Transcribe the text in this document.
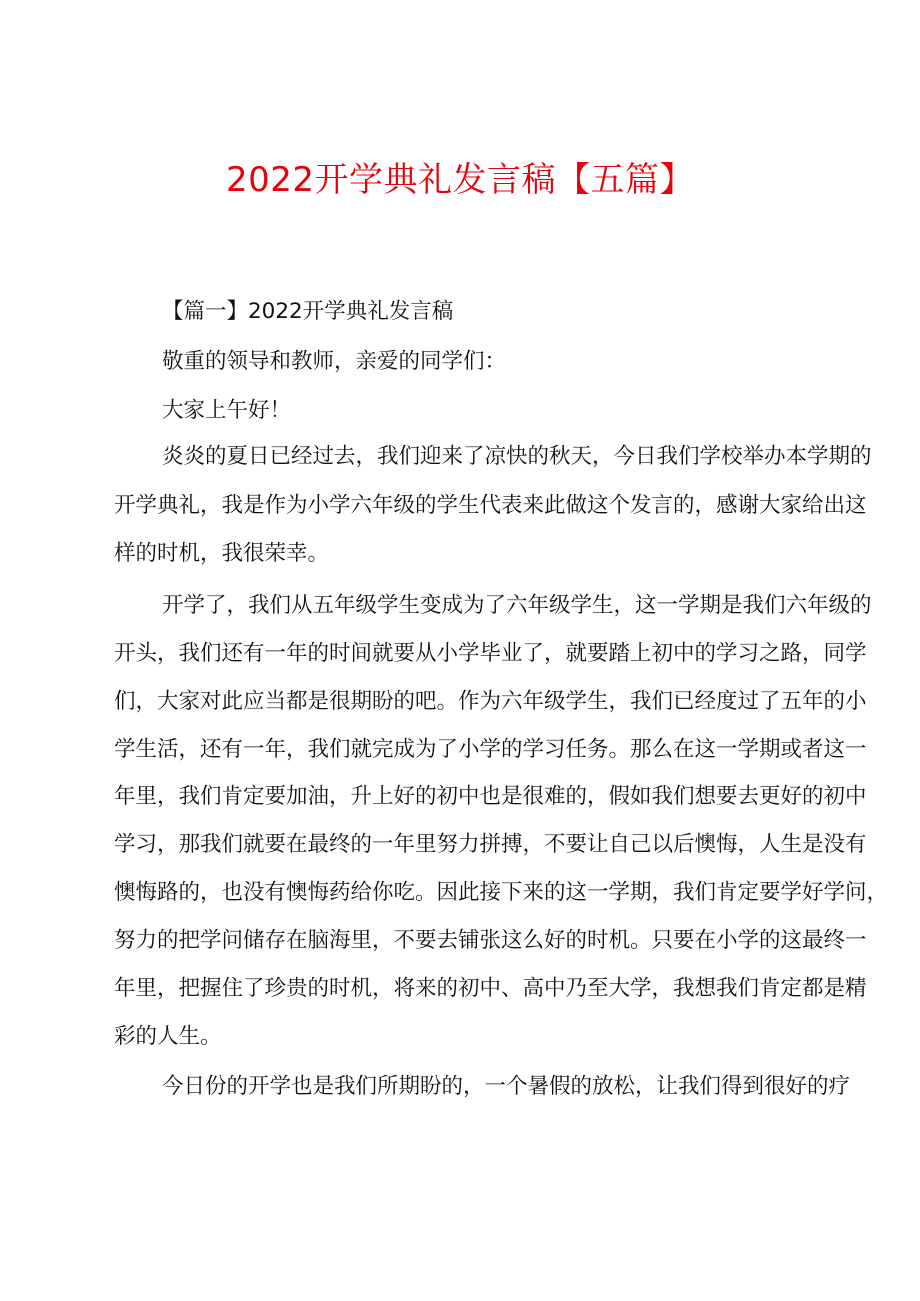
2022开学典礼发言稿【五篇】
【篇一】2022开学典礼发言稿
敬重的领导和教师，亲爱的同学们：
大家上午好！
炎炎的夏日已经过去，我们迎来了凉快的秋天，今日我们学校举办本学期的
开学典礼，我是作为小学六年级的学生代表来此做这个发言的，感谢大家给出这
样的时机，我很荣幸。
开学了，我们从五年级学生变成为了六年级学生，这一学期是我们六年级的
开头，我们还有一年的时间就要从小学毕业了，就要踏上初中的学习之路，同学
们，大家对此应当都是很期盼的吧。作为六年级学生，我们已经度过了五年的小
学生活，还有一年，我们就完成为了小学的学习任务。那么在这一学期或者这一
年里，我们肯定要加油，升上好的初中也是很难的，假如我们想要去更好的初中
学习，那我们就要在最终的一年里努力拼搏，不要让自己以后懊悔，人生是没有
懊悔路的，也没有懊悔药给你吃。因此接下来的这一学期，我们肯定要学好学问，
努力的把学问储存在脑海里，不要去铺张这么好的时机。只要在小学的这最终一
年里，把握住了珍贵的时机，将来的初中、高中乃至大学，我想我们肯定都是精
彩的人生。
今日份的开学也是我们所期盼的，一个暑假的放松，让我们得到很好的疗
